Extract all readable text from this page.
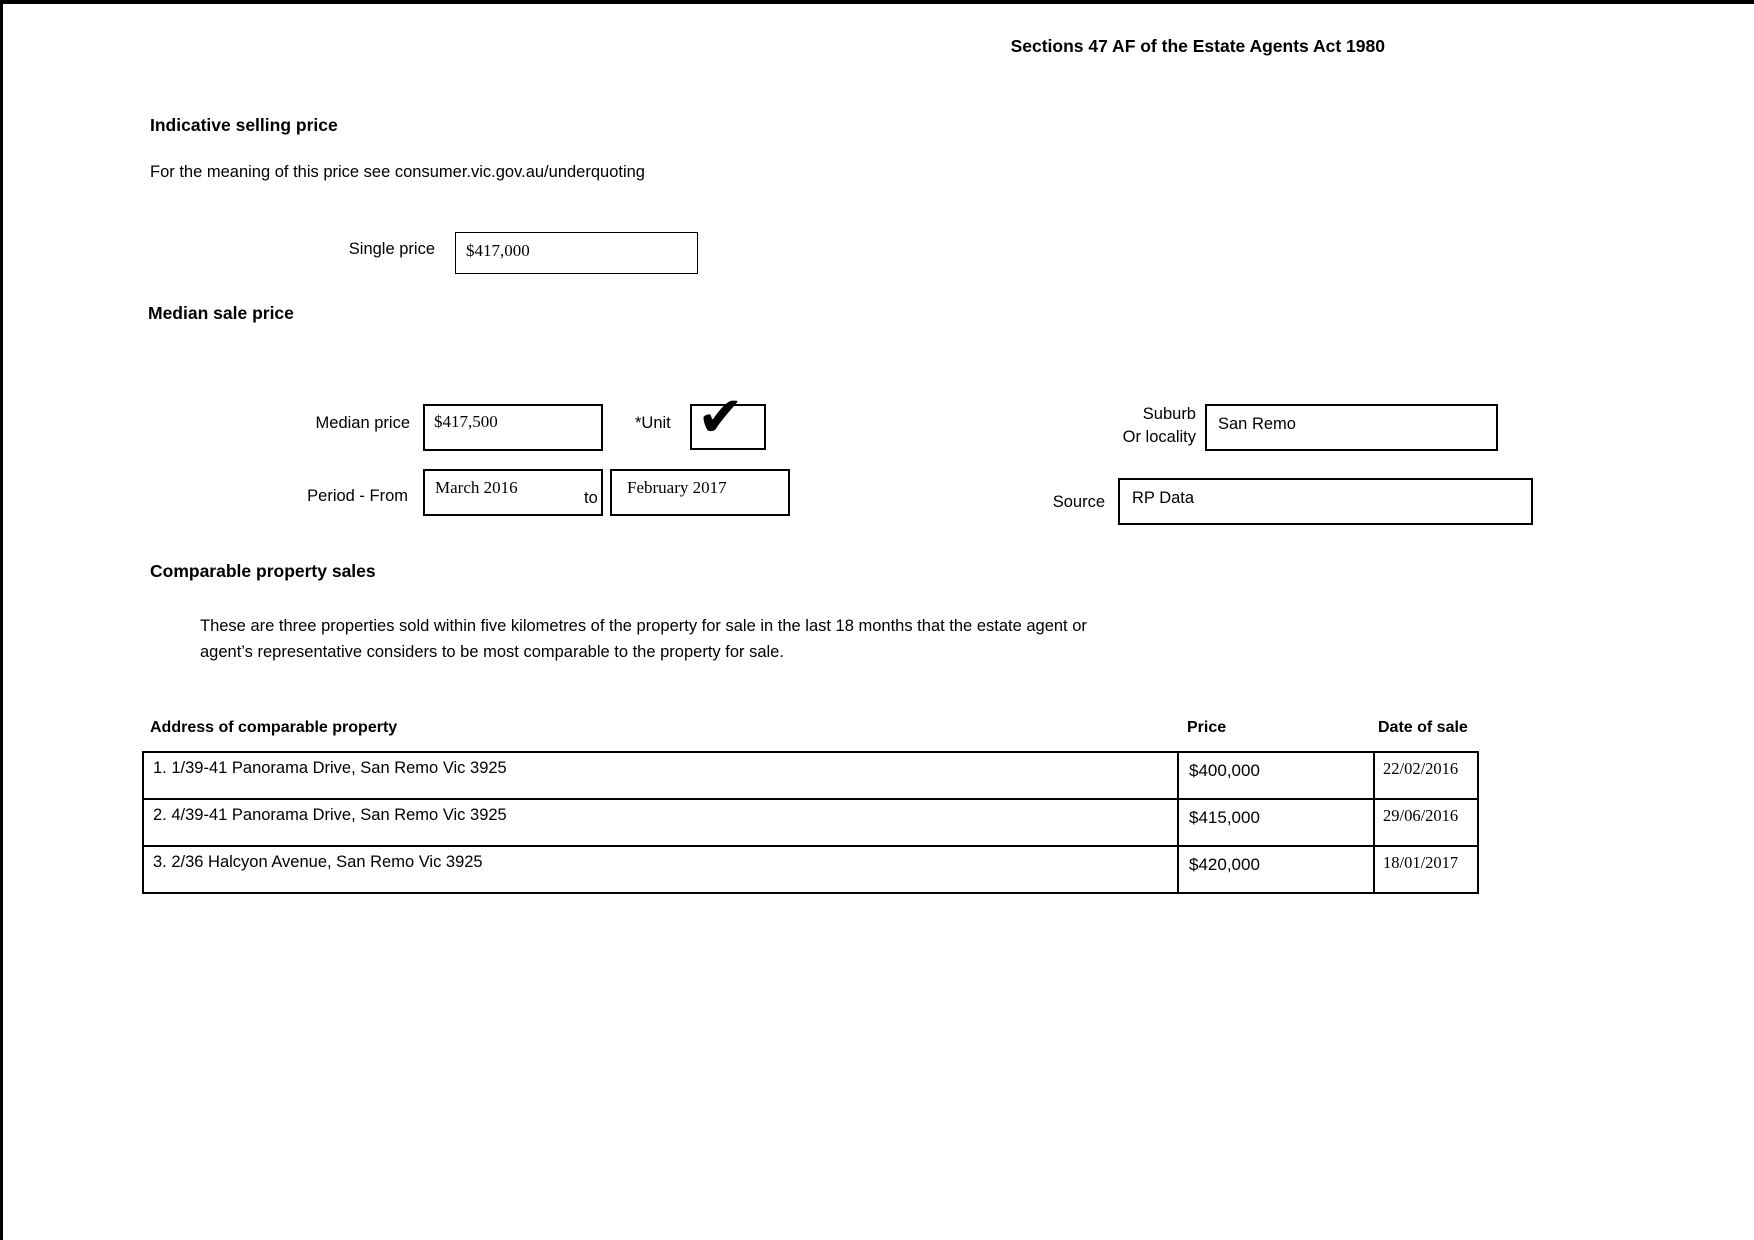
Sections 47 AF of the Estate Agents Act 1980
Indicative selling price
For the meaning of this price see consumer.vic.gov.au/underquoting
Single price	$417,000
Median sale price
Median price	$417,500	*Unit ✔	Suburb
Or locality
San Remo
Period - From	March 2016
to
February 2017
Source	RP Data
Comparable property sales
These are three properties sold within five kilometres of the property for sale in the last 18 months that the estate agent or
agent’s representative considers to be most comparable to the property for sale.
Address of comparable property	Price	Date of sale
1. 1/39-41 Panorama Drive, San Remo Vic 3925	$400,000	22/02/2016
2. 4/39-41 Panorama Drive, San Remo Vic 3925	$415,000	29/06/2016
3. 2/36 Halcyon Avenue, San Remo Vic 3925	$420,000	18/01/2017
